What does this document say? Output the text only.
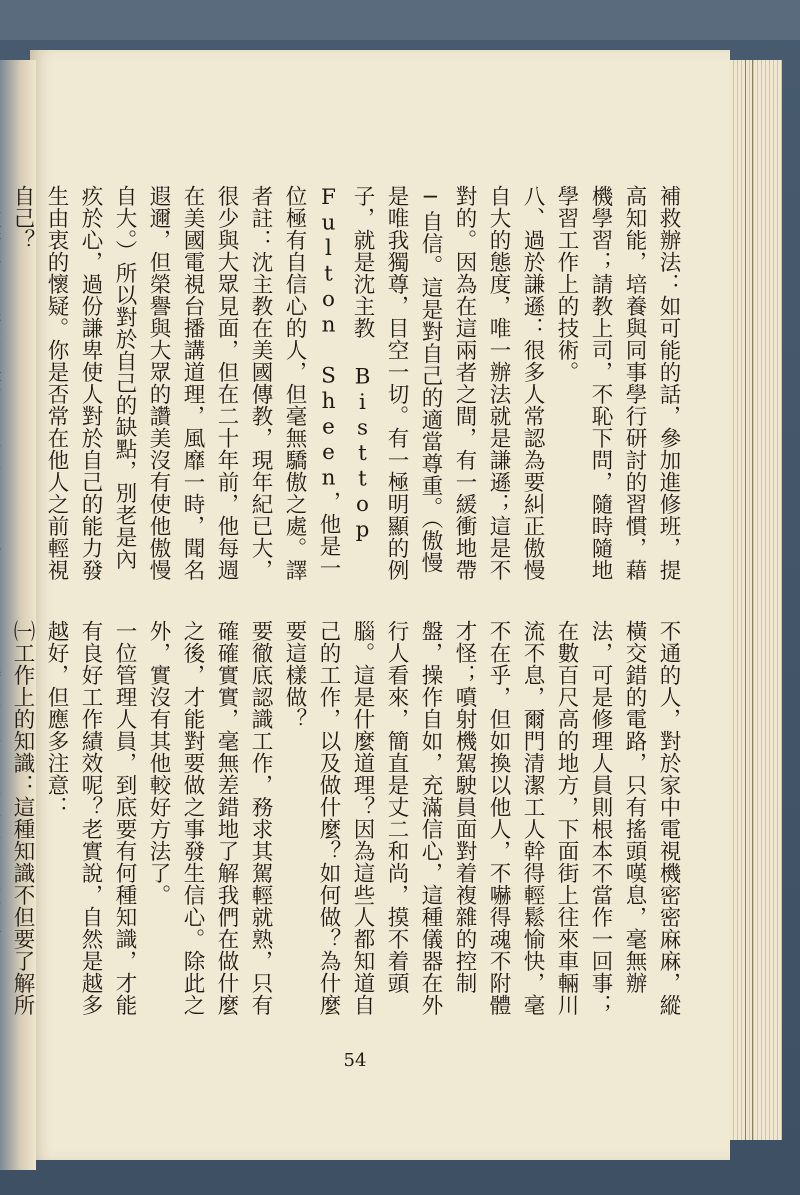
補救辦法：如可能的話，參加進修班，提高知能，培養與同事學行研討的習慣，藉機學習；請教上司，不恥下問，隨時隨地學習工作上的技術。
八、過於謙遜：很多人常認為要糾正傲慢自大的態度，唯一辦法就是謙遜；這是不對的。因為在這兩者之間，有一緩衝地帶─自信。這是對自己的適當尊重。（傲慢是唯我獨尊，目空一切。有一極明顯的例子，就是沈主教 Bisttop Fulton Sheen，他是一位極有自信心的人，但毫無驕傲之處。譯者註：沈主教在美國傳教，現年紀已大，很少與大眾見面，但在二十年前，他每週在美國電視台播講道理，風靡一時，聞名遐邇，但榮譽與大眾的讚美沒有使他傲慢自大。）所以對於自己的缺點，別老是內疚於心，過份謙卑使人對於自己的能力發生由衷的懷疑。你是否常在他人之前輕視自己？
不通的人，對於家中電視機密密麻麻，縱橫交錯的電路，只有搖頭嘆息，毫無辦法，可是修理人員則根本不當作一回事；在數百尺高的地方，下面街上往來車輛川流不息，爾門清潔工人幹得輕鬆愉快，毫不在乎，但如換以他人，不嚇得魂不附體才怪；噴射機駕駛員面對着複雜的控制盤，操作自如，充滿信心，這種儀器在外行人看來，簡直是丈二和尚，摸不着頭腦。這是什麼道理？因為這些人都知道自己的工作，以及做什麼？如何做？為什麼要這樣做？
要徹底認識工作，務求其駕輕就熟，只有確確實實，毫無差錯地了解我們在做什麼之後，才能對要做之事發生信心。除此之外，實沒有其他較好方法了。
一位管理人員，到底要有何種知識，才能有良好工作績效呢？老實說，自然是越多越好，但應多注意：
㈠工作上的知識：這種知識不但要了解所
54
